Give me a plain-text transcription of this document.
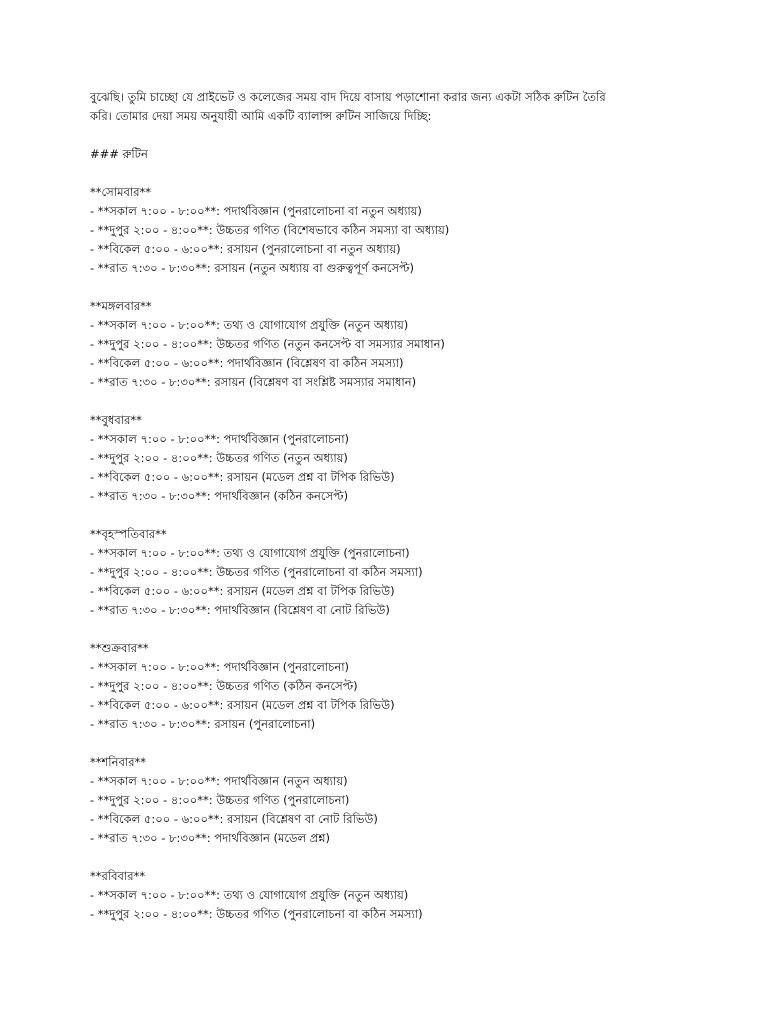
বুঝেছি। তুমি চাচ্ছো যে প্রাইভেট ও কলেজের সময় বাদ দিয়ে বাসায় পড়াশোনা করার জন্য একটা সঠিক রুটিন তৈরি

করি। তোমার দেয়া সময় অনুযায়ী আমি একটি ব্যালান্স রুটিন সাজিয়ে দিচ্ছি:

### রুটিন
**সোমবার**
- **সকাল ৭:০০ - ৮:০০**: পদার্থবিজ্ঞান (পুনরালোচনা বা নতুন অধ্যায়)
- **দুপুর ২:০০ - ৪:০০**: উচ্চতর গণিত (বিশেষভাবে কঠিন সমস্যা বা অধ্যায়)
- **বিকেল ৫:০০ - ৬:০০**: রসায়ন (পুনরালোচনা বা নতুন অধ্যায়)
- **রাত ৭:৩০ - ৮:৩০**: রসায়ন (নতুন অধ্যায় বা গুরুত্বপূর্ণ কনসেপ্ট)
**মঙ্গলবার**
- **সকাল ৭:০০ - ৮:০০**: তথ্য ও যোগাযোগ প্রযুক্তি (নতুন অধ্যায়)
- **দুপুর ২:০০ - ৪:০০**: উচ্চতর গণিত (নতুন কনসেপ্ট বা সমস্যার সমাধান)
- **বিকেল ৫:০০ - ৬:০০**: পদার্থবিজ্ঞান (বিশ্লেষণ বা কঠিন সমস্যা)
- **রাত ৭:৩০ - ৮:৩০**: রসায়ন (বিশ্লেষণ বা সংশ্লিষ্ট সমস্যার সমাধান)
**বুধবার**
- **সকাল ৭:০০ - ৮:০০**: পদার্থবিজ্ঞান (পুনরালোচনা)
- **দুপুর ২:০০ - ৪:০০**: উচ্চতর গণিত (নতুন অধ্যায়)
- **বিকেল ৫:০০ - ৬:০০**: রসায়ন (মডেল প্রশ্ন বা টপিক রিভিউ)
- **রাত ৭:৩০ - ৮:৩০**: পদার্থবিজ্ঞান (কঠিন কনসেপ্ট)
**বৃহস্পতিবার**
- **সকাল ৭:০০ - ৮:০০**: তথ্য ও যোগাযোগ প্রযুক্তি (পুনরালোচনা)
- **দুপুর ২:০০ - ৪:০০**: উচ্চতর গণিত (পুনরালোচনা বা কঠিন সমস্যা)
- **বিকেল ৫:০০ - ৬:০০**: রসায়ন (মডেল প্রশ্ন বা টপিক রিভিউ)
- **রাত ৭:৩০ - ৮:৩০**: পদার্থবিজ্ঞান (বিশ্লেষণ বা নোট রিভিউ)
**শুক্রবার**
- **সকাল ৭:০০ - ৮:০০**: পদার্থবিজ্ঞান (পুনরালোচনা)
- **দুপুর ২:০০ - ৪:০০**: উচ্চতর গণিত (কঠিন কনসেপ্ট)
- **বিকেল ৫:০০ - ৬:০০**: রসায়ন (মডেল প্রশ্ন বা টপিক রিভিউ)
- **রাত ৭:৩০ - ৮:৩০**: রসায়ন (পুনরালোচনা)
**শনিবার**
- **সকাল ৭:০০ - ৮:০০**: পদার্থবিজ্ঞান (নতুন অধ্যায়)
- **দুপুর ২:০০ - ৪:০০**: উচ্চতর গণিত (পুনরালোচনা)
- **বিকেল ৫:০০ - ৬:০০**: রসায়ন (বিশ্লেষণ বা নোট রিভিউ)
- **রাত ৭:৩০ - ৮:৩০**: পদার্থবিজ্ঞান (মডেল প্রশ্ন)
**রবিবার**
- **সকাল ৭:০০ - ৮:০০**: তথ্য ও যোগাযোগ প্রযুক্তি (নতুন অধ্যায়)
- **দুপুর ২:০০ - ৪:০০**: উচ্চতর গণিত (পুনরালোচনা বা কঠিন সমস্যা)
